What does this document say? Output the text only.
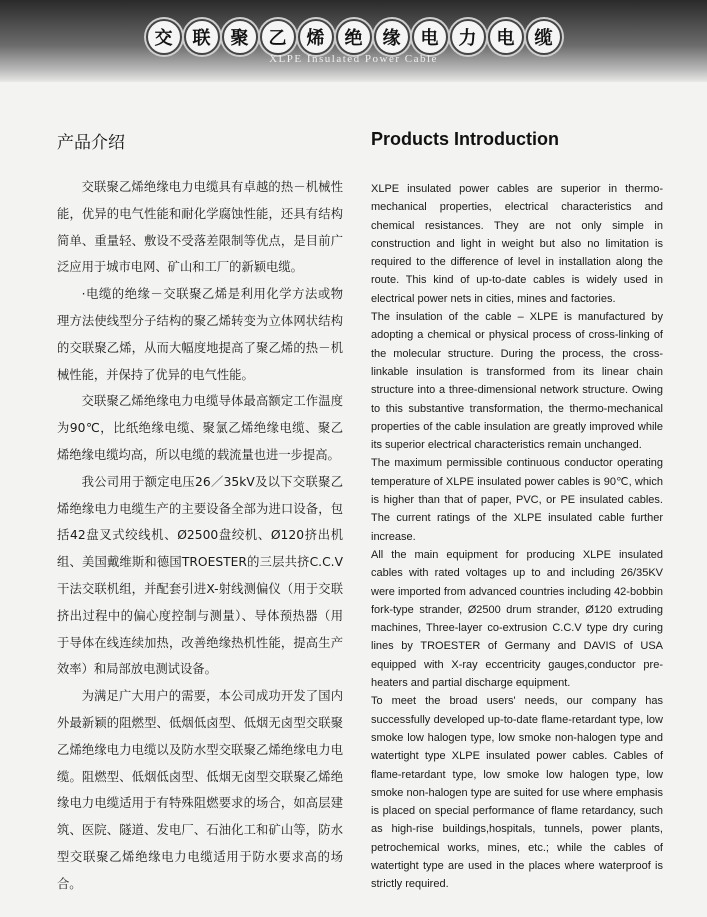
交	联	聚	乙	烯	绝	缘	电	力	电	缆
XLPE Insulated Power Cable
产品介绍	Products Introduction

交联聚乙烯绝缘电力电缆具有卓越的热－机械性能，优异的电气性能和耐化学腐蚀性能，还具有结构简单、重量轻、敷设不受落差限制等优点，是目前广泛应用于城市电网、矿山和工厂的新颖电缆。

·电缆的绝缘－交联聚乙烯是利用化学方法或物理方法使线型分子结构的聚乙烯转变为立体网状结构的交联聚乙烯，从而大幅度地提高了聚乙烯的热－机械性能，并保持了优异的电气性能。

交联聚乙烯绝缘电力电缆导体最高额定工作温度为90℃，比纸绝缘电缆、聚氯乙烯绝缘电缆、聚乙烯绝缘电缆均高，所以电缆的载流量也进一步提高。

我公司用于额定电压26／35kV及以下交联聚乙烯绝缘电力电缆生产的主要设备全部为进口设备，包括42盘叉式绞线机、Ø2500盘绞机、Ø120挤出机组、美国戴维斯和德国TROESTER的三层共挤C.C.V干法交联机组，并配套引进X-射线测偏仪（用于交联挤出过程中的偏心度控制与测量）、导体预热器（用于导体在线连续加热，改善绝缘热机性能，提高生产效率）和局部放电测试设备。

为满足广大用户的需要，本公司成功开发了国内外最新颖的阻燃型、低烟低卤型、低烟无卤型交联聚乙烯绝缘电力电缆以及防水型交联聚乙烯绝缘电力电缆。阻燃型、低烟低卤型、低烟无卤型交联聚乙烯绝缘电力电缆适用于有特殊阻燃要求的场合，如高层建筑、医院、隧道、发电厂、石油化工和矿山等，防水型交联聚乙烯绝缘电力电缆适用于防水要求高的场合。

XLPE insulated power cables are superior in thermo-mechanical properties, electrical characteristics and chemical resistances. They are not only simple in construction and light in weight but also no limitation is required to the difference of level in installation along the route. This kind of up-to-date cables is widely used in electrical power nets in cities, mines and factories.

The insulation of the cable – XLPE is manufactured by adopting a chemical or physical process of cross-linking of the molecular structure. During the process, the cross-linkable insulation is transformed from its linear chain structure into a three-dimensional network structure. Owing to this substantive transformation, the thermo-mechanical properties of the cable insulation are greatly improved while its superior electrical characteristics remain unchanged.

The maximum permissible continuous conductor operating temperature of XLPE insulated power cables is 90℃, which is higher than that of paper, PVC, or PE insulated cables. The current ratings of the XLPE insulated cable further increase.

All the main equipment for producing XLPE insulated cables with rated voltages up to and including 26/35KV were imported from advanced countries including 42-bobbin fork-type strander, Ø2500 drum strander, Ø120 extruding machines, Three-layer co-extrusion C.C.V type dry curing lines by TROESTER of Germany and DAVIS of USA equipped with X-ray eccentricity gauges,conductor pre-heaters and partial discharge equipment.

To meet the broad users' needs, our company has successfully developed up-to-date flame-retardant type, low smoke low halogen type, low smoke non-halogen type and watertight type XLPE insulated power cables. Cables of flame-retardant type, low smoke low halogen type, low smoke non-halogen type are suited for use where emphasis is placed on special performance of flame retardancy, such as high-rise buildings,hospitals, tunnels, power plants, petrochemical works, mines, etc.; while the cables of watertight type are used in the places where waterproof is strictly required.
